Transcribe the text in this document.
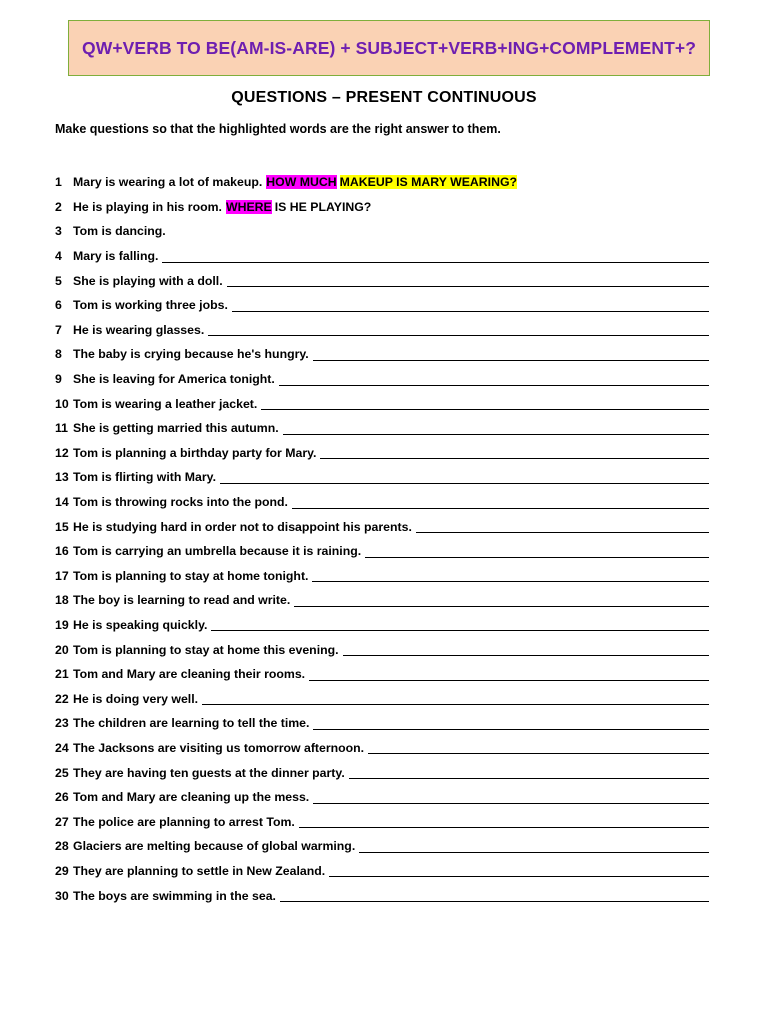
QW+VERB TO BE(AM-IS-ARE) + SUBJECT+VERB+ING+COMPLEMENT+?
QUESTIONS – PRESENT CONTINUOUS
Make questions so that the highlighted words are the right answer to them.
1 Mary is wearing a lot of makeup. HOW MUCH MAKEUP IS MARY WEARING?
2 He is playing in his room. WHERE IS HE PLAYING?
3 Tom is dancing.
4 Mary is falling.
5 She is playing with a doll.
6 Tom is working three jobs.
7 He is wearing glasses.
8 The baby is crying because he's hungry.
9 She is leaving for America tonight.
10 Tom is wearing a leather jacket.
11 She is getting married this autumn.
12 Tom is planning a birthday party for Mary.
13 Tom is flirting with Mary.
14 Tom is throwing rocks into the pond.
15 He is studying hard in order not to disappoint his parents.
16 Tom is carrying an umbrella because it is raining.
17 Tom is planning to stay at home tonight.
18 The boy is learning to read and write.
19 He is speaking quickly.
20 Tom is planning to stay at home this evening.
21 Tom and Mary are cleaning their rooms.
22 He is doing very well.
23 The children are learning to tell the time.
24 The Jacksons are visiting us tomorrow afternoon.
25 They are having ten guests at the dinner party.
26 Tom and Mary are cleaning up the mess.
27 The police are planning to arrest Tom.
28 Glaciers are melting because of global warming.
29 They are planning to settle in New Zealand.
30 The boys are swimming in the sea.
